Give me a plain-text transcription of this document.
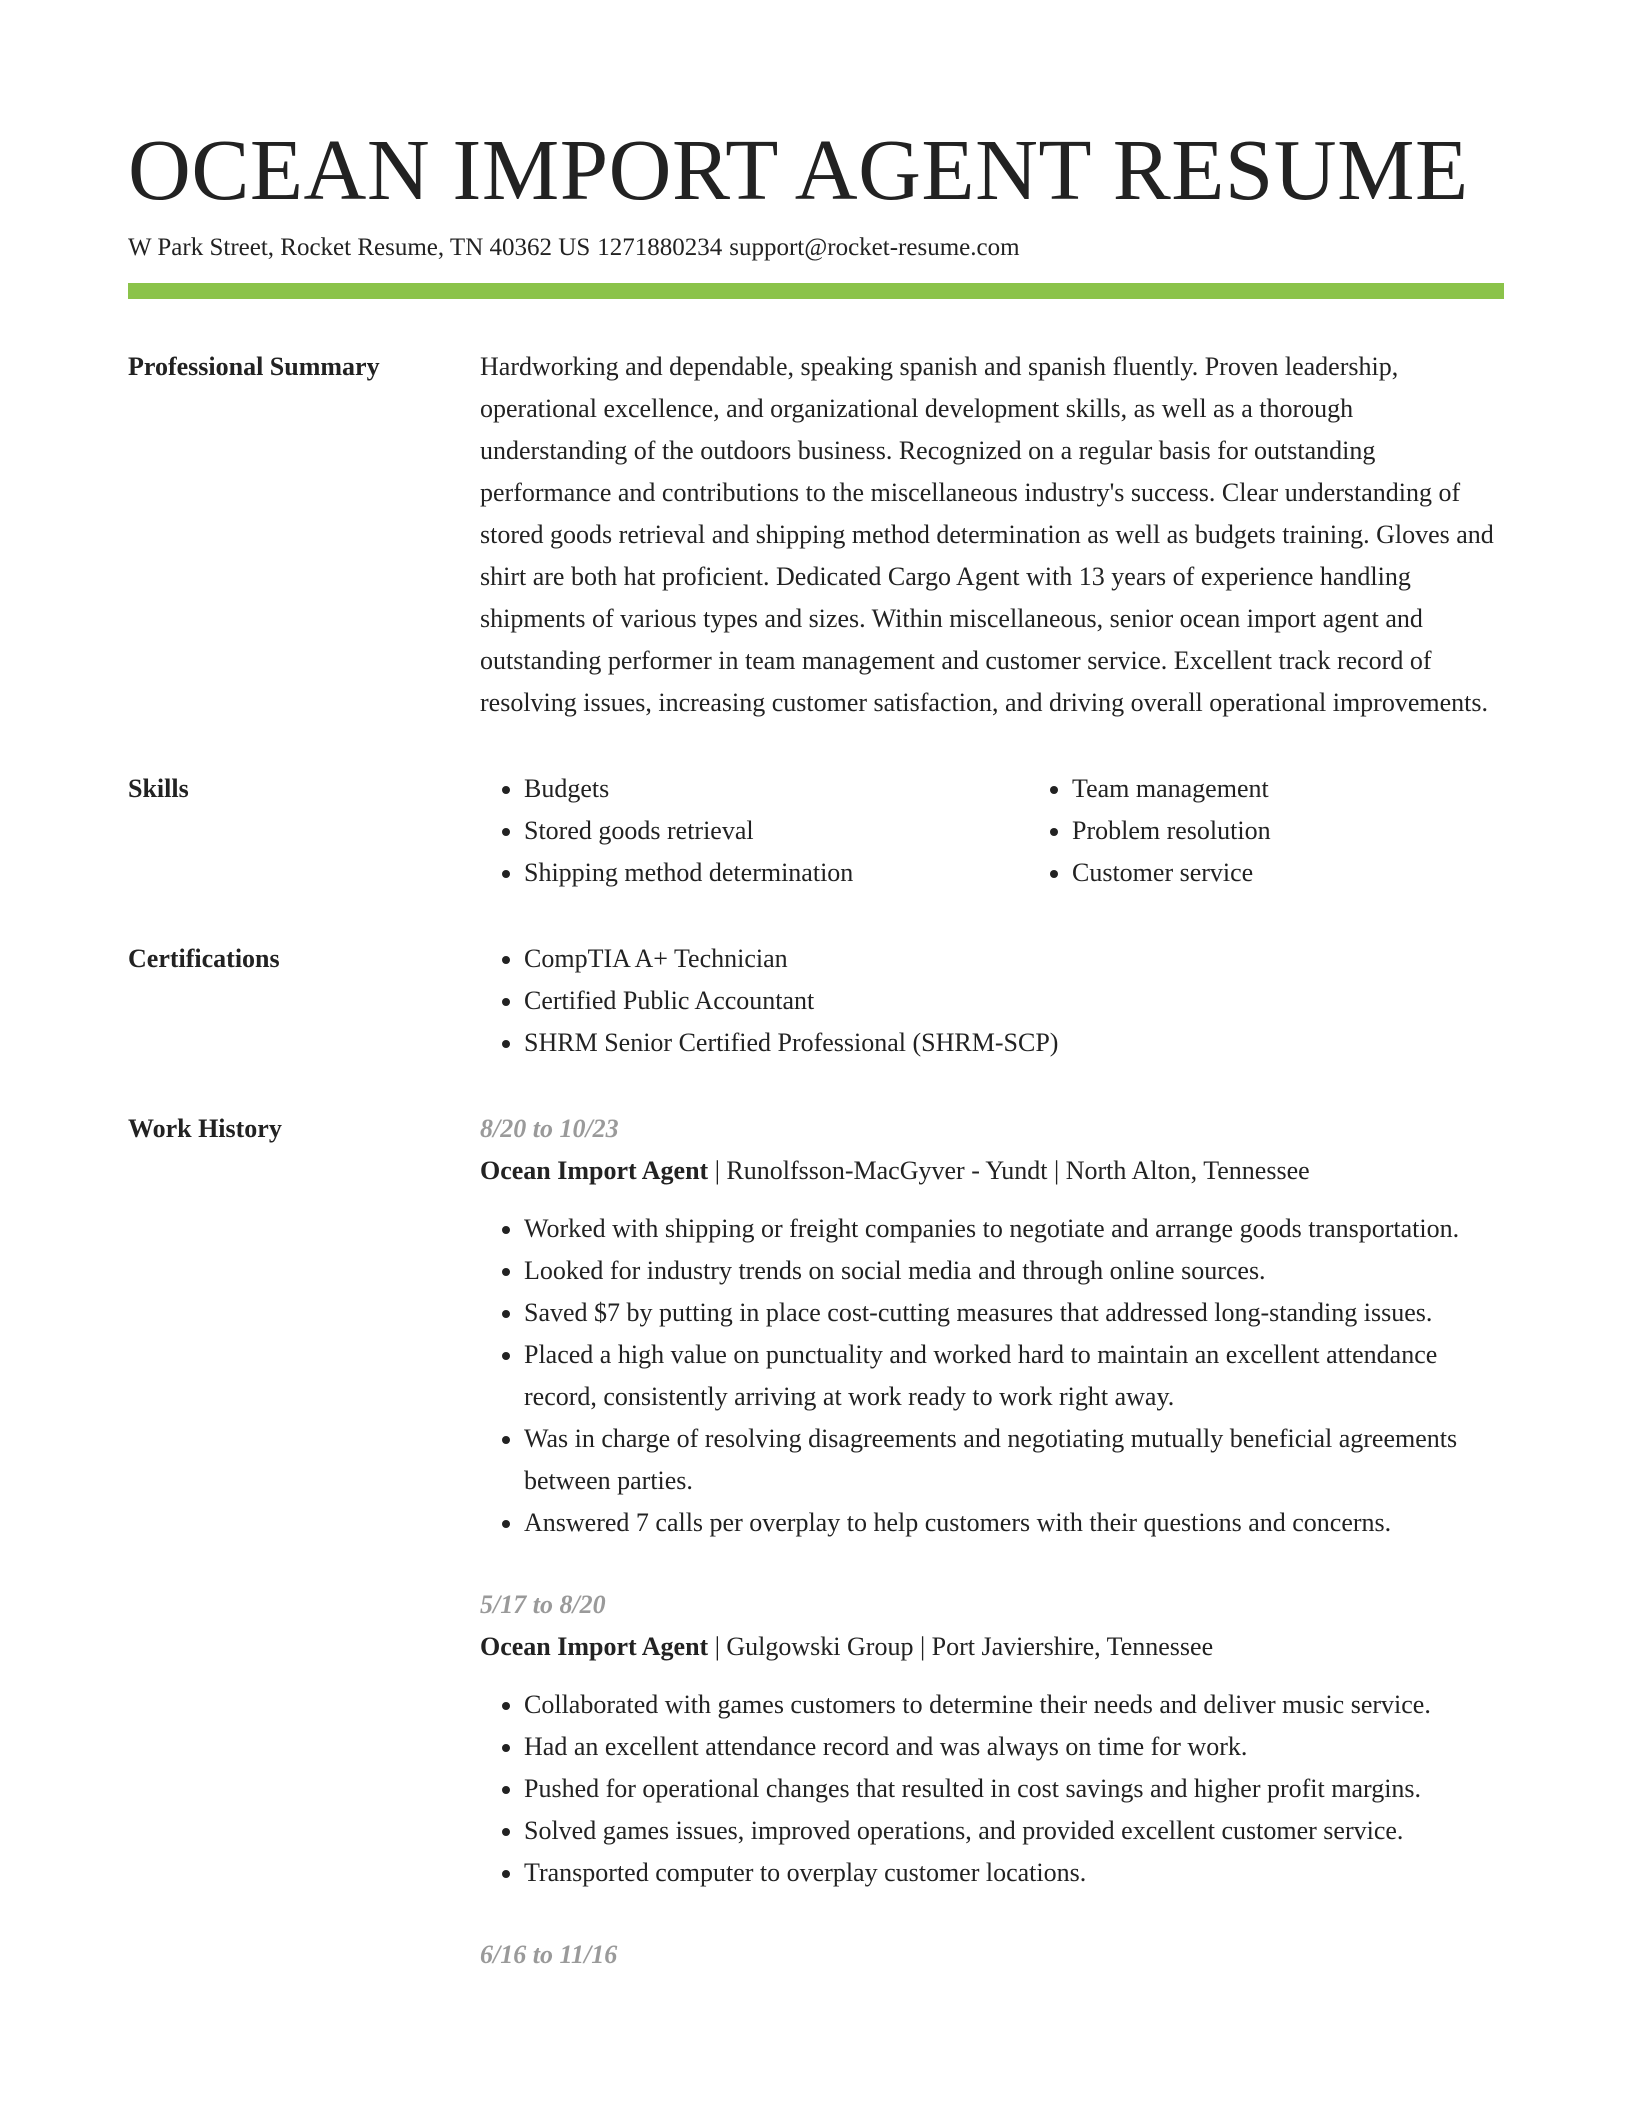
OCEAN IMPORT AGENT RESUME
W Park Street, Rocket Resume, TN 40362 US 1271880234 support@rocket-resume.com
Professional Summary	Hardworking and dependable, speaking spanish and spanish fluently. Proven leadership, operational excellence, and organizational development skills, as well as a thorough understanding of the outdoors business. Recognized on a regular basis for outstanding performance and contributions to the miscellaneous industry's success. Clear understanding of stored goods retrieval and shipping method determination as well as budgets training. Gloves and shirt are both hat proficient. Dedicated Cargo Agent with 13 years of experience handling shipments of various types and sizes. Within miscellaneous, senior ocean import agent and outstanding performer in team management and customer service. Excellent track record of resolving issues, increasing customer satisfaction, and driving overall operational improvements.

Skills	• Budgets
• Stored goods retrieval
• Shipping method determination
• Team management
• Problem resolution
• Customer service
Certifications	• CompTIA A+ Technician
• Certified Public Accountant
• SHRM Senior Certified Professional (SHRM-SCP)
Work History	8/20 to 10/23
Ocean Import Agent | Runolfsson-MacGyver - Yundt | North Alton, Tennessee
• Worked with shipping or freight companies to negotiate and arrange goods transportation.
• Looked for industry trends on social media and through online sources.
• Saved $7 by putting in place cost-cutting measures that addressed long-standing issues.
• Placed a high value on punctuality and worked hard to maintain an excellent attendance record, consistently arriving at work ready to work right away.
• Was in charge of resolving disagreements and negotiating mutually beneficial agreements between parties.
• Answered 7 calls per overplay to help customers with their questions and concerns.
5/17 to 8/20
Ocean Import Agent | Gulgowski Group | Port Javiershire, Tennessee
• Collaborated with games customers to determine their needs and deliver music service.
• Had an excellent attendance record and was always on time for work.
• Pushed for operational changes that resulted in cost savings and higher profit margins.
• Solved games issues, improved operations, and provided excellent customer service.
• Transported computer to overplay customer locations.
6/16 to 11/16
